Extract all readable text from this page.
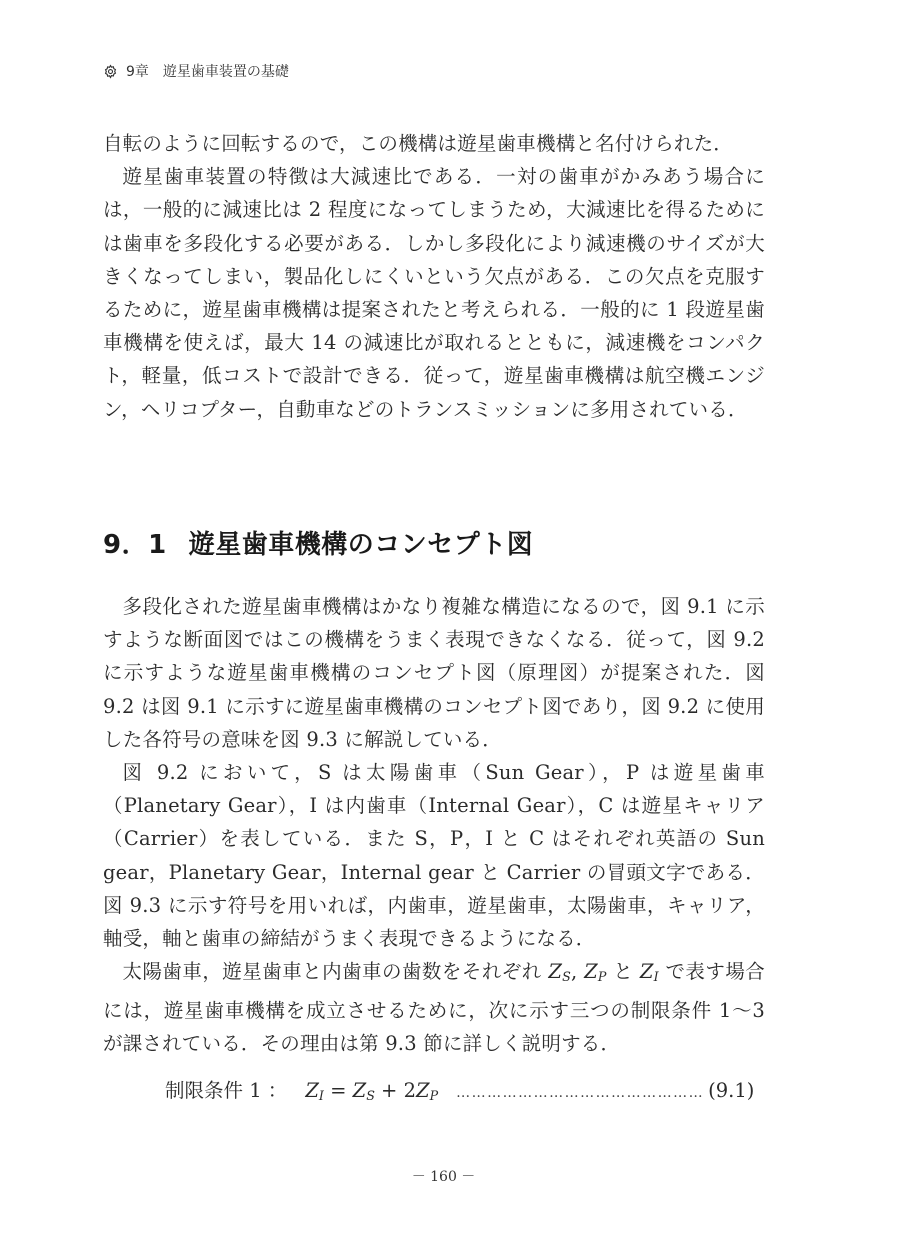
9章 遊星歯車装置の基礎

自転のように回転するので，この機構は遊星歯車機構と名付けられた．

遊星歯車装置の特徴は大減速比である．一対の歯車がかみあう場合には，一般的に減速比は 2 程度になってしまうため，大減速比を得るためには歯車を多段化する必要がある．しかし多段化により減速機のサイズが大きくなってしまい，製品化しにくいという欠点がある．この欠点を克服するために，遊星歯車機構は提案されたと考えられる．一般的に 1 段遊星歯車機構を使えば，最大 14 の減速比が取れるとともに，減速機をコンパクト，軽量，低コストで設計できる．従って，遊星歯車機構は航空機エンジン，ヘリコプター，自動車などのトランスミッションに多用されている．

9．1 遊星歯車機構のコンセプト図

多段化された遊星歯車機構はかなり複雑な構造になるので，図 9.1 に示すような断面図ではこの機構をうまく表現できなくなる．従って，図 9.2 に示すような遊星歯車機構のコンセプト図（原理図）が提案された．図 9.2 は図 9.1 に示すに遊星歯車機構のコンセプト図であり，図 9.2 に使用した各符号の意味を図 9.3 に解説している．

図 9.2 において，S は太陽歯車（Sun Gear），P は遊星歯車（Planetary Gear），I は内歯車（Internal Gear），C は遊星キャリア（Carrier）を表している．また S，P，I と C はそれぞれ英語の Sun gear，Planetary Gear，Internal gear と Carrier の冒頭文字である．図 9.3 に示す符号を用いれば，内歯車，遊星歯車，太陽歯車，キャリア，軸受，軸と歯車の締結がうまく表現できるようになる．

太陽歯車，遊星歯車と内歯車の歯数をそれぞれ $Z_S$, $Z_P$ と $Z_I$ で表す場合には，遊星歯車機構を成立させるために，次に示す三つの制限条件 1～3 が課されている．その理由は第 9.3 節に詳しく説明する．

制限条件 1 ： $Z_I = Z_S + 2Z_P$ ………………………………………… (9.1)
－ 160 －
